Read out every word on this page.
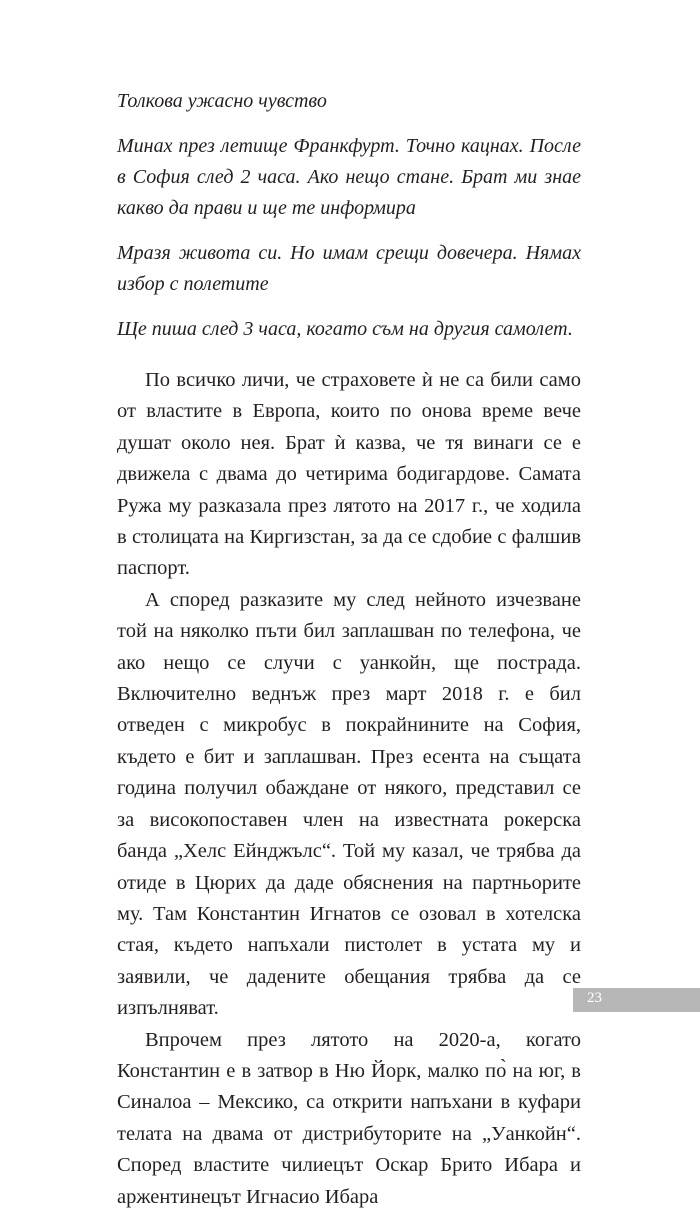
Толкова ужасно чувство

Минах през летище Франкфурт. Точно кацнах. После в София след 2 часа. Ако нещо стане. Брат ми знае какво да прави и ще те информира

Мразя живота си. Но имам срещи довечера. Нямах избор с полетите

Ще пиша след 3 часа, когато съм на другия самолет.

По всичко личи, че страховете ѝ не са били само от властите в Европа, които по онова време вече душат около нея. Брат ѝ казва, че тя винаги се е движела с двама до четирима бодигардове. Самата Ружа му разказала през лятото на 2017 г., че ходила в столицата на Киргизстан, за да се сдобие с фалшив паспорт.

А според разказите му след нейното изчезване той на няколко пъти бил заплашван по телефона, че ако нещо се случи с уанкойн, ще пострада. Включително веднъж през март 2018 г. е бил отведен с микробус в покрайнините на София, където е бит и заплашван. През есента на същата година получил обаждане от някого, представил се за високопоставен член на известната рокерска банда „Хелс Ейнджълс“. Той му казал, че трябва да отиде в Цюрих да даде обяснения на партньорите му. Там Константин Игнатов се озовал в хотелска стая, където напъхали пистолет в устата му и заявили, че дадените обещания трябва да се изпълняват.

Впрочем през лятото на 2020-а, когато Константин е в затвор в Ню Йорк, малко по̀ на юг, в Синалоа – Мексико, са открити напъхани в куфари телата на двама от дистрибуторите на „Уанкойн“. Според властите чилиецът Оскар Брито Ибара и аржентинецът Игнасио Ибара

23
